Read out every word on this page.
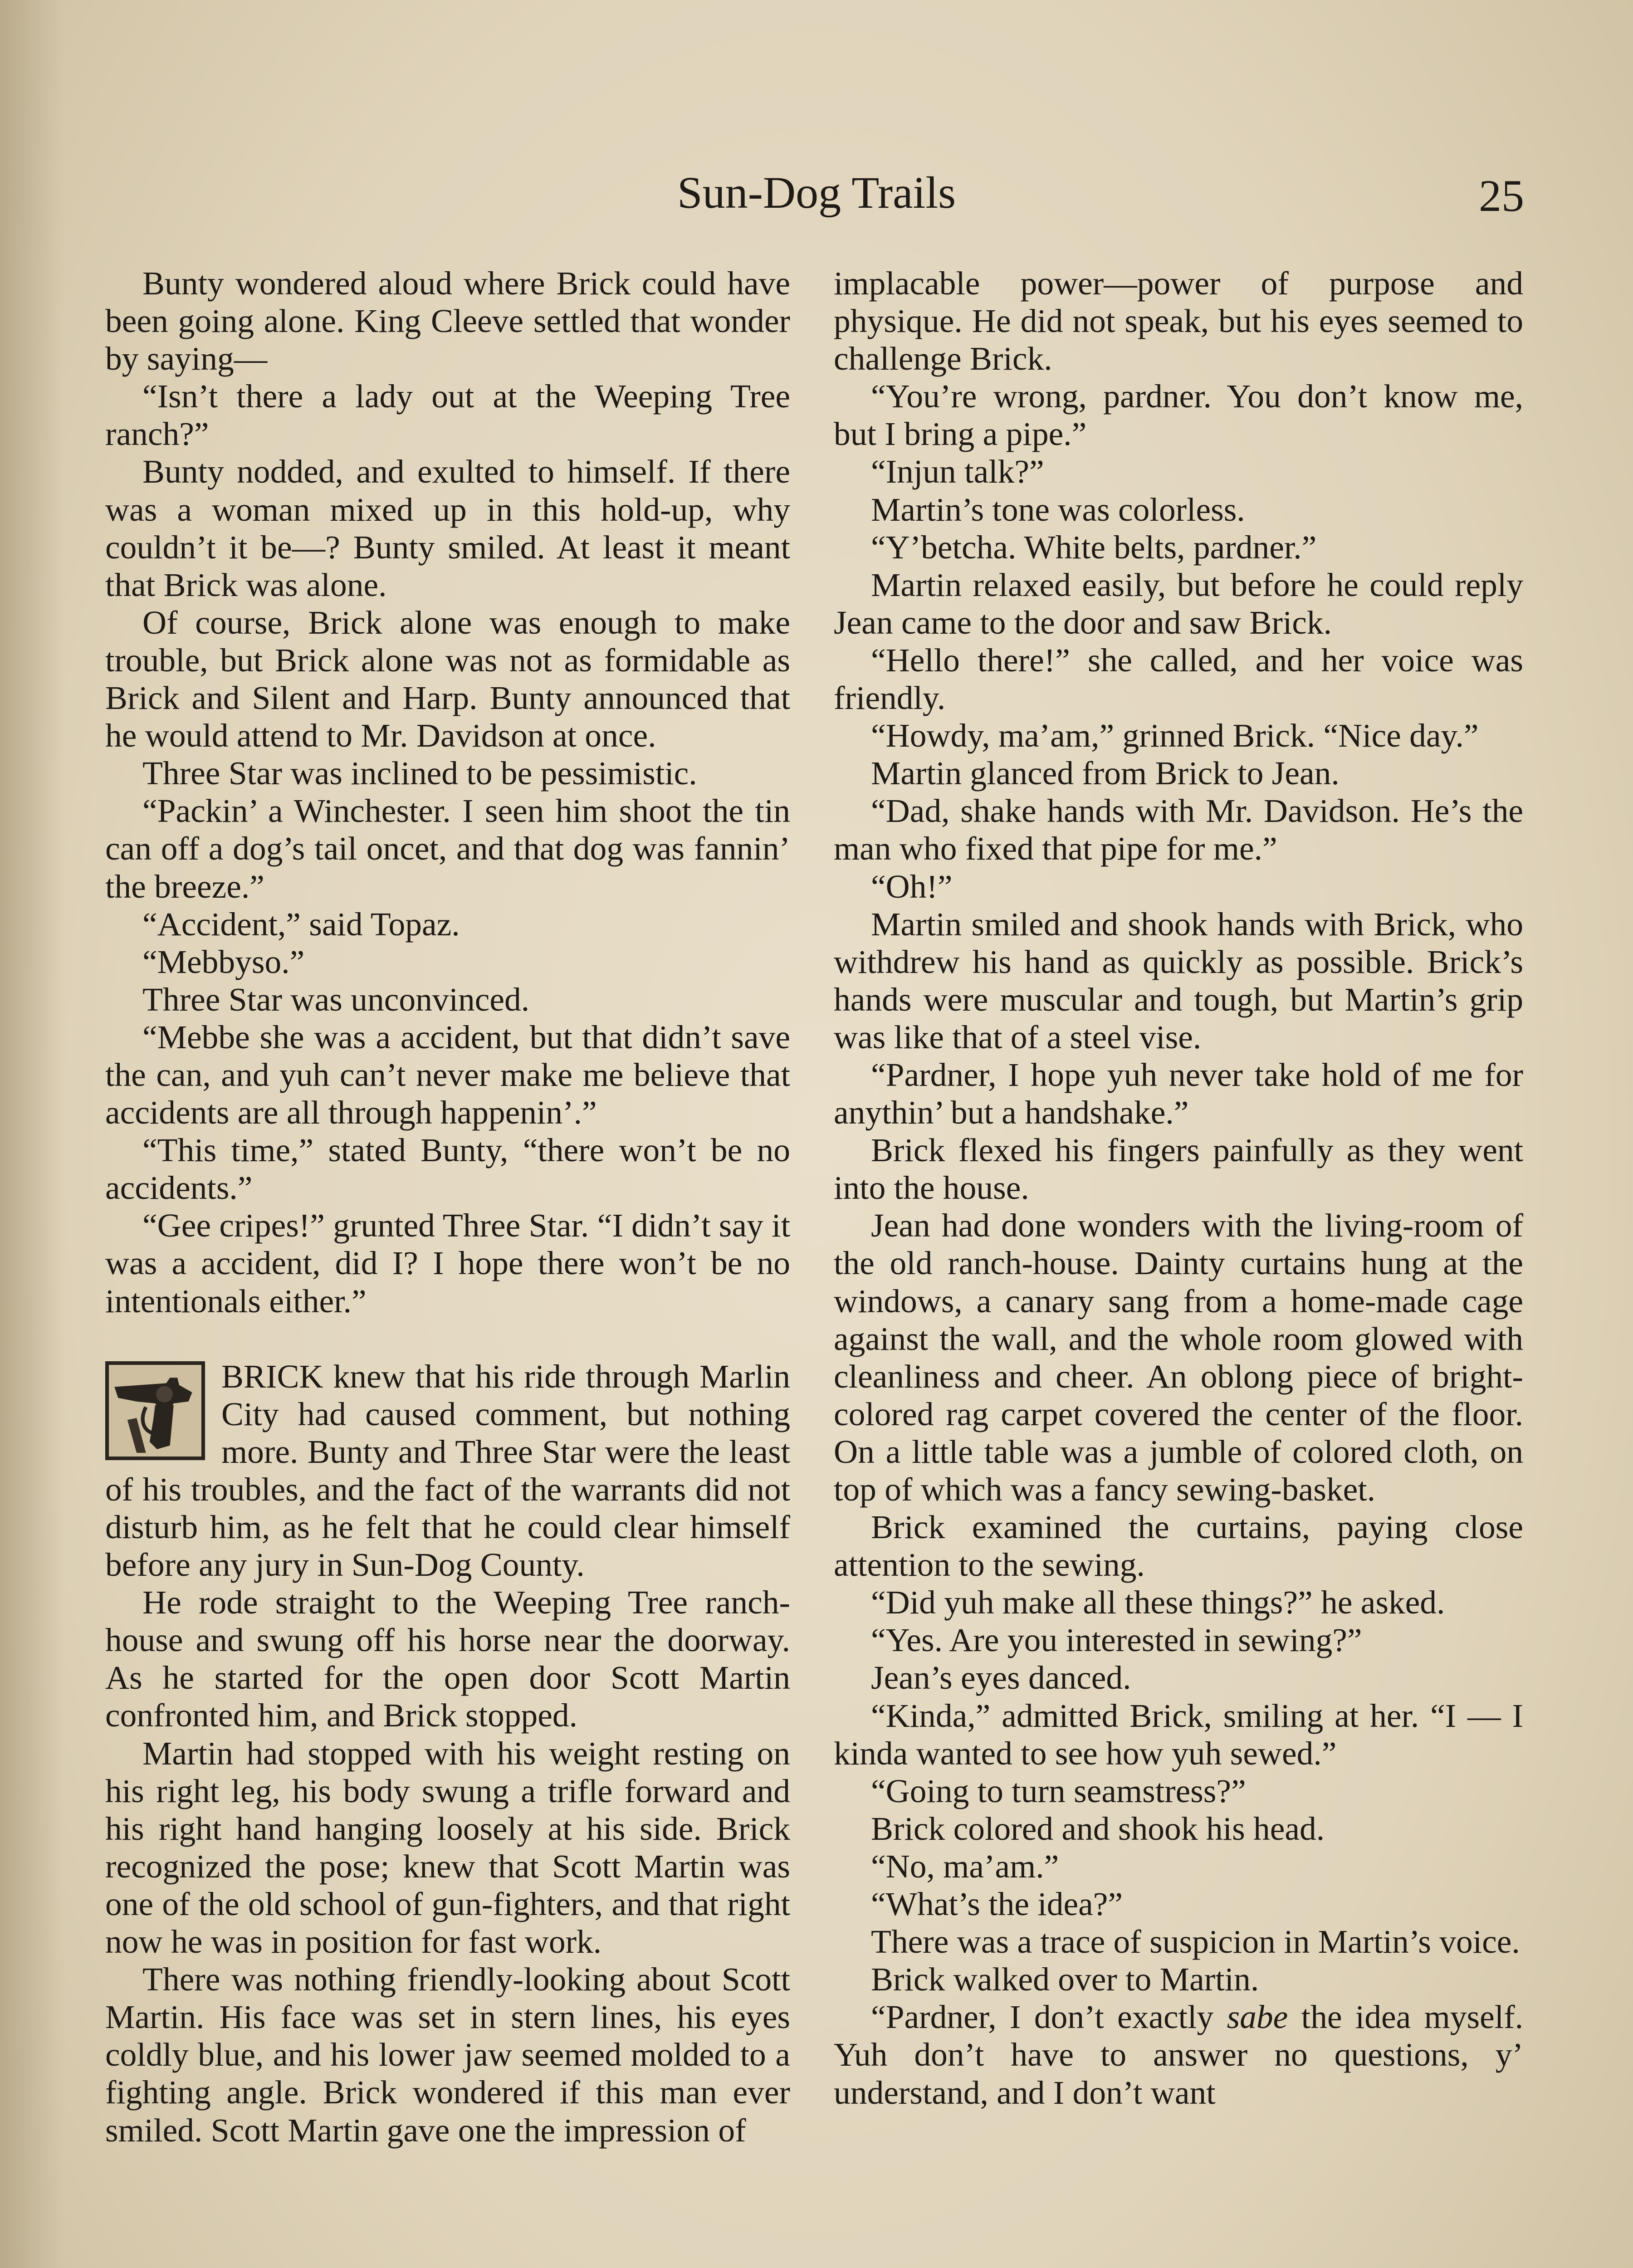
Sun-Dog Trails	25

Bunty wondered aloud where Brick could have been going alone. King Cleeve settled that wonder by saying—

“Isn’t there a lady out at the Weeping Tree ranch?”

Bunty nodded, and exulted to himself. If there was a woman mixed up in this hold-up, why couldn’t it be—? Bunty smiled. At least it meant that Brick was alone.

Of course, Brick alone was enough to make trouble, but Brick alone was not as formidable as Brick and Silent and Harp. Bunty announced that he would attend to Mr. Davidson at once.

Three Star was inclined to be pessimistic.

“Packin’ a Winchester. I seen him shoot the tin can off a dog’s tail oncet, and that dog was fannin’ the breeze.”

“Accident,” said Topaz.

“Mebbyso.”

Three Star was unconvinced.

“Mebbe she was a accident, but that didn’t save the can, and yuh can’t never make me believe that accidents are all through happenin’.”

“This time,” stated Bunty, “there won’t be no accidents.”

“Gee cripes!” grunted Three Star. “I didn’t say it was a accident, did I? I hope there won’t be no intentionals either.”

BRICK knew that his ride through Marlin City had caused comment, but nothing more. Bunty and Three Star were the least of his troubles, and the fact of the warrants did not disturb him, as he felt that he could clear himself before any jury in Sun-Dog County.

He rode straight to the Weeping Tree ranch-house and swung off his horse near the doorway. As he started for the open door Scott Martin confronted him, and Brick stopped.

Martin had stopped with his weight resting on his right leg, his body swung a trifle forward and his right hand hanging loosely at his side. Brick recognized the pose; knew that Scott Martin was one of the old school of gun-fighters, and that right now he was in position for fast work.

There was nothing friendly-looking about Scott Martin. His face was set in stern lines, his eyes coldly blue, and his lower jaw seemed molded to a fighting angle. Brick wondered if this man ever smiled. Scott Martin gave one the impression of

implacable power—power of purpose and physique. He did not speak, but his eyes seemed to challenge Brick.

“You’re wrong, pardner. You don’t know me, but I bring a pipe.”

“Injun talk?”

Martin’s tone was colorless.

“Y’betcha. White belts, pardner.”

Martin relaxed easily, but before he could reply Jean came to the door and saw Brick.

“Hello there!” she called, and her voice was friendly.

“Howdy, ma’am,” grinned Brick. “Nice day.”

Martin glanced from Brick to Jean.

“Dad, shake hands with Mr. Davidson. He’s the man who fixed that pipe for me.”

“Oh!”

Martin smiled and shook hands with Brick, who withdrew his hand as quickly as possible. Brick’s hands were muscular and tough, but Martin’s grip was like that of a steel vise.

“Pardner, I hope yuh never take hold of me for anythin’ but a handshake.”

Brick flexed his fingers painfully as they went into the house.

Jean had done wonders with the living-room of the old ranch-house. Dainty curtains hung at the windows, a canary sang from a home-made cage against the wall, and the whole room glowed with cleanliness and cheer. An oblong piece of bright-colored rag carpet covered the center of the floor. On a little table was a jumble of colored cloth, on top of which was a fancy sewing-basket.

Brick examined the curtains, paying close attention to the sewing.

“Did yuh make all these things?” he asked.

“Yes. Are you interested in sewing?”

Jean’s eyes danced.

“Kinda,” admitted Brick, smiling at her. “I — I kinda wanted to see how yuh sewed.”

“Going to turn seamstress?”

Brick colored and shook his head.

“No, ma’am.”

“What’s the idea?”

There was a trace of suspicion in Martin’s voice.

Brick walked over to Martin.

“Pardner, I don’t exactly sabe the idea myself. Yuh don’t have to answer no questions, y’ understand, and I don’t want
